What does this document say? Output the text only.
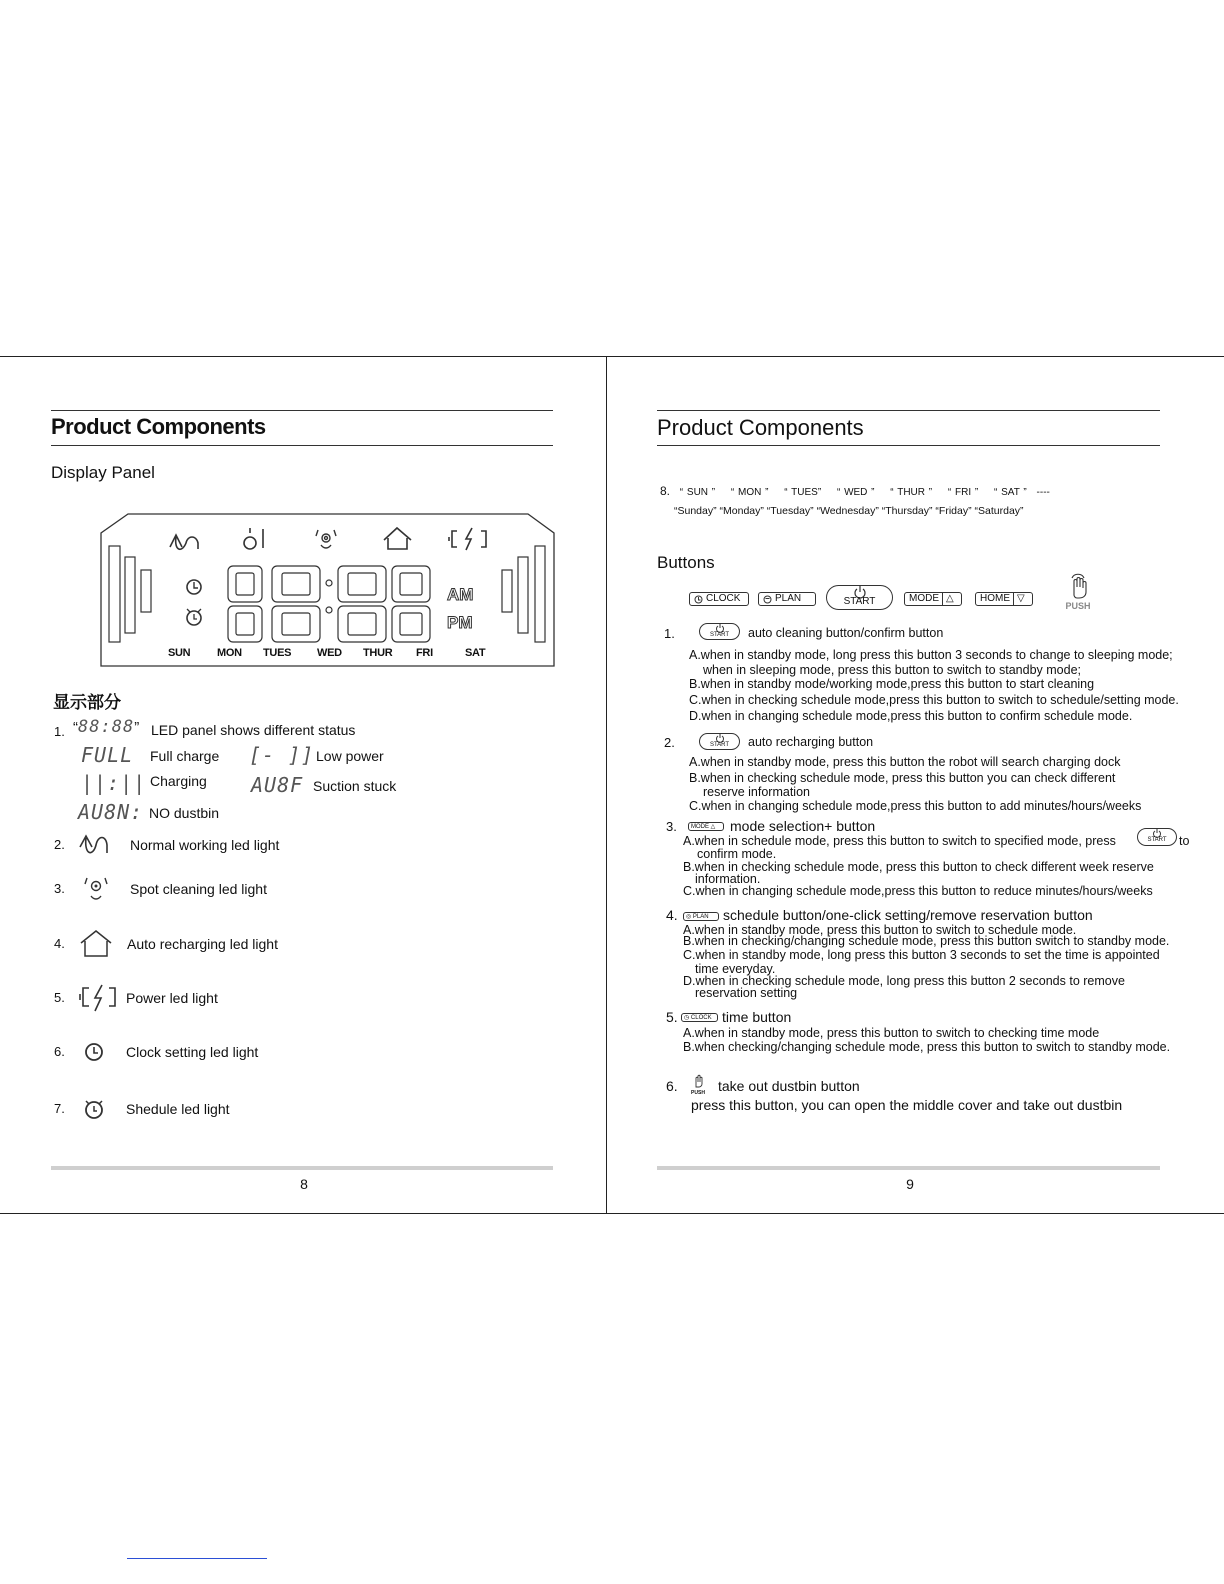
Product Components
Display Panel
AM
PM
SUN MON TUES WED THUR FRI	SAT
显示部分
1. “88:88” LED panel shows different status
FULL Full charge [- ]] Low power
||:|| Charging AU8F Suction stuck
AU8N: NO dustbin
2.	Normal working led light
3.	Spot cleaning led light
4.	Auto recharging led light
5.	Power led light
6.	Clock setting led light
7.	Shedule led light
8
Product Components
8. “ SUN ” “ MON ” “ TUES” “ WED ” “ THUR ” “ FRI ” “ SAT ” ----
“Sunday” “Monday” “Tuesday” “Wednesday” “Thursday” “Friday” “Saturday”
Buttons
CLOCK	PLAN	START	MODE △	HOME ▽
PUSH
1.	START	auto cleaning button/confirm button
A.when in standby mode, long press this button 3 seconds to change to sleeping mode;
when in sleeping mode, press this button to switch to standby mode;
B.when in standby mode/working mode,press this button to start cleaning
C.when in checking schedule mode,press this button to switch to schedule/setting mode.
D.when in changing schedule mode,press this button to confirm schedule mode.
2.	START	auto recharging button
A.when in standby mode, press this button the robot will search charging dock
B.when in checking schedule mode, press this button you can check different
reserve information
C.when in changing schedule mode,press this button to add minutes/hours/weeks
3.	MODE △	mode selection+ button
A.when in schedule mode, press this button to switch to specified mode, press	START to
confirm mode.
B.when in checking schedule mode, press this button to check different week reserve
information.
C.when in changing schedule mode,press this button to reduce minutes/hours/weeks
4.	◎ PLAN	schedule button/one-click setting/remove reservation button
A.when in standby mode, press this button to switch to schedule mode.
B.when in checking/changing schedule mode, press this button switch to standby mode.
C.when in standby mode, long press this button 3 seconds to set the time is appointed
time everyday.
D.when in checking schedule mode, long press this button 2 seconds to remove
reservation setting
5.	◷ CLOCK time button
A.when in standby mode, press this button to switch to checking time mode
B.when checking/changing schedule mode, press this button to switch to standby mode.
6.	PUSH take out dustbin button
press this button, you can open the middle cover and take out dustbin
9
